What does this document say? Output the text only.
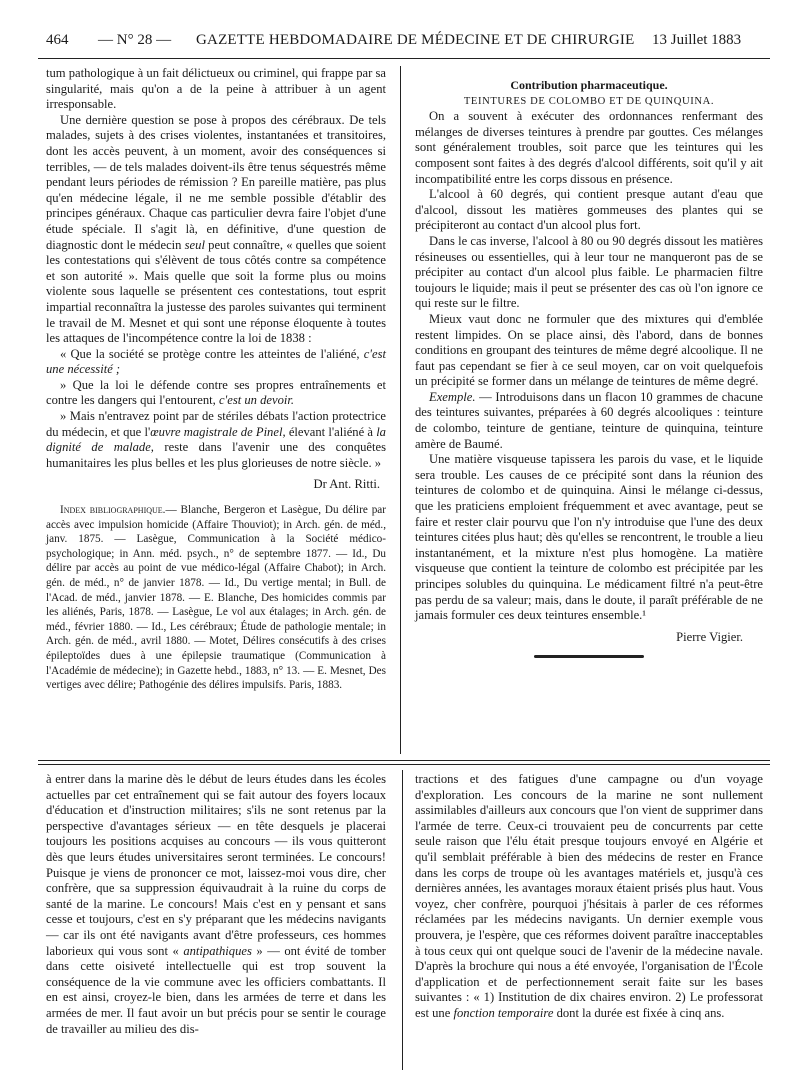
464 — N° 28 — GAZETTE HEBDOMADAIRE DE MÉDECINE ET DE CHIRURGIE 13 Juillet 1883

tum pathologique à un fait délictueux ou criminel, qui frappe par sa singularité, mais qu'on a de la peine à attribuer à un agent irresponsable.

Une dernière question se pose à propos des cérébraux. De tels malades, sujets à des crises violentes, instantanées et transitoires, dont les accès peuvent, à un moment, avoir des conséquences si terribles, — de tels malades doivent-ils être tenus séquestrés même pendant leurs périodes de rémission ? En pareille matière, pas plus qu'en médecine légale, il ne me semble possible d'établir des principes généraux. Chaque cas particulier devra faire l'objet d'une étude spéciale. Il s'agit là, en définitive, d'une question de diagnostic dont le médecin seul peut connaître, « quelles que soient les contestations qui s'élèvent de tous côtés contre sa compétence et son autorité ». Mais quelle que soit la forme plus ou moins violente sous laquelle se présentent ces contestations, tout esprit impartial reconnaîtra la justesse des paroles suivantes qui terminent le travail de M. Mesnet et qui sont une réponse éloquente à toutes les attaques de l'incompétence contre la loi de 1838 :

« Que la société se protège contre les atteintes de l'aliéné, c'est une nécessité ;

» Que la loi le défende contre ses propres entraînements et contre les dangers qui l'entourent, c'est un devoir.

» Mais n'entravez point par de stériles débats l'action protectrice du médecin, et que l'œuvre magistrale de Pinel, élevant l'aliéné à la dignité de malade, reste dans l'avenir une des conquêtes humanitaires les plus belles et les plus glorieuses de notre siècle. »

Dr Ant. Ritti.

Index bibliographique.— Blanche, Bergeron et Lasègue, Du délire par accès avec impulsion homicide (Affaire Thouviot); in Arch. gén. de méd., janv. 1875. — Lasègue, Communication à la Société médico-psychologique; in Ann. méd. psych., n° de septembre 1877. — Id., Du délire par accès au point de vue médico-légal (Affaire Chabot); in Arch. gén. de méd., n° de janvier 1878. — Id., Du vertige mental; in Bull. de l'Acad. de méd., janvier 1878. — E. Blanche, Des homicides commis par les aliénés, Paris, 1878. — Lasègue, Le vol aux étalages; in Arch. gén. de méd., février 1880. — Id., Les cérébraux; Étude de pathologie mentale; in Arch. gén. de méd., avril 1880. — Motet, Délires consécutifs à des crises épileptoïdes dues à une épilepsie traumatique (Communication à l'Académie de médecine); in Gazette hebd., 1883, n° 13. — E. Mesnet, Des vertiges avec délire; Pathogénie des délires impulsifs. Paris, 1883.

Contribution pharmaceutique.

TEINTURES DE COLOMBO ET DE QUINQUINA.

On a souvent à exécuter des ordonnances renfermant des mélanges de diverses teintures à prendre par gouttes. Ces mélanges sont généralement troubles, soit parce que les teintures qui les composent sont faites à des degrés d'alcool différents, soit qu'il y ait incompatibilité entre les corps dissous en présence.

L'alcool à 60 degrés, qui contient presque autant d'eau que d'alcool, dissout les matières gommeuses des plantes qui se précipiteront au contact d'un alcool plus fort.

Dans le cas inverse, l'alcool à 80 ou 90 degrés dissout les matières résineuses ou essentielles, qui à leur tour ne manqueront pas de se précipiter au contact d'un alcool plus faible. Le pharmacien filtre toujours le liquide; mais il peut se présenter des cas où l'on ignore ce qui reste sur le filtre.

Mieux vaut donc ne formuler que des mixtures qui d'emblée restent limpides. On se place ainsi, dès l'abord, dans de bonnes conditions en groupant des teintures de même degré alcoolique. Il ne faut pas cependant se fier à ce seul moyen, car on voit quelquefois un précipité se former dans un mélange de teintures de même degré.

Exemple. — Introduisons dans un flacon 10 grammes de chacune des teintures suivantes, préparées à 60 degrés alcooliques : teinture de colombo, teinture de gentiane, teinture de quinquina, teinture amère de Baumé.

Une matière visqueuse tapissera les parois du vase, et le liquide sera trouble. Les causes de ce précipité sont dans la réunion des teintures de colombo et de quinquina. Ainsi le mélange ci-dessus, que les praticiens emploient fréquemment et avec avantage, peut se faire et rester clair pourvu que l'on n'y introduise que l'une des deux teintures citées plus haut; dès qu'elles se rencontrent, le trouble a lieu instantanément, et la mixture n'est plus homogène. La matière visqueuse que contient la teinture de colombo est précipitée par les principes solubles du quinquina. Le médicament filtré n'a peut-être pas perdu de sa valeur; mais, dans le doute, il paraît préférable de ne jamais formuler ces deux teintures ensemble.¹

Pierre Vigier.

à entrer dans la marine dès le début de leurs études dans les écoles actuelles par cet entraînement qui se fait autour des foyers locaux d'éducation et d'instruction militaires; s'ils ne sont retenus par la perspective d'avantages sérieux — en tête desquels je placerai toujours les positions acquises au concours — ils vous quitteront dès que leurs études universitaires seront terminées. Le concours! Puisque je viens de prononcer ce mot, laissez-moi vous dire, cher confrère, que sa suppression équivaudrait à la ruine du corps de santé de la marine. Le concours! Mais c'est en y pensant et sans cesse et toujours, c'est en s'y préparant que les médecins navigants — car ils ont été navigants avant d'être professeurs, ces hommes laborieux qui vous sont « antipathiques » — ont évité de tomber dans cette oisiveté intellectuelle qui est trop souvent la conséquence de la vie commune avec les officiers combattants. Il en est ainsi, croyez-le bien, dans les armées de terre et dans les armées de mer. Il faut avoir un but précis pour se sentir le courage de travailler au milieu des dis-

tractions et des fatigues d'une campagne ou d'un voyage d'exploration. Les concours de la marine ne sont nullement assimilables d'ailleurs aux concours que l'on vient de supprimer dans l'armée de terre. Ceux-ci trouvaient peu de concurrents par cette seule raison que l'élu était presque toujours envoyé en Algérie et qu'il semblait préférable à bien des médecins de rester en France dans les corps de troupe où les avantages matériels et, jusqu'à ces dernières années, les avantages moraux étaient prisés plus haut. Vous voyez, cher confrère, pourquoi j'hésitais à parler de ces réformes réclamées par les médecins navigants. Un dernier exemple vous prouvera, je l'espère, que ces réformes doivent paraître inacceptables à tous ceux qui ont quelque souci de l'avenir de la médecine navale. D'après la brochure qui nous a été envoyée, l'organisation de l'École d'application et de perfectionnement serait faite sur les bases suivantes : « 1) Institution de dix chaires environ. 2) Le professorat est une fonction temporaire dont la durée est fixée à cinq ans.
